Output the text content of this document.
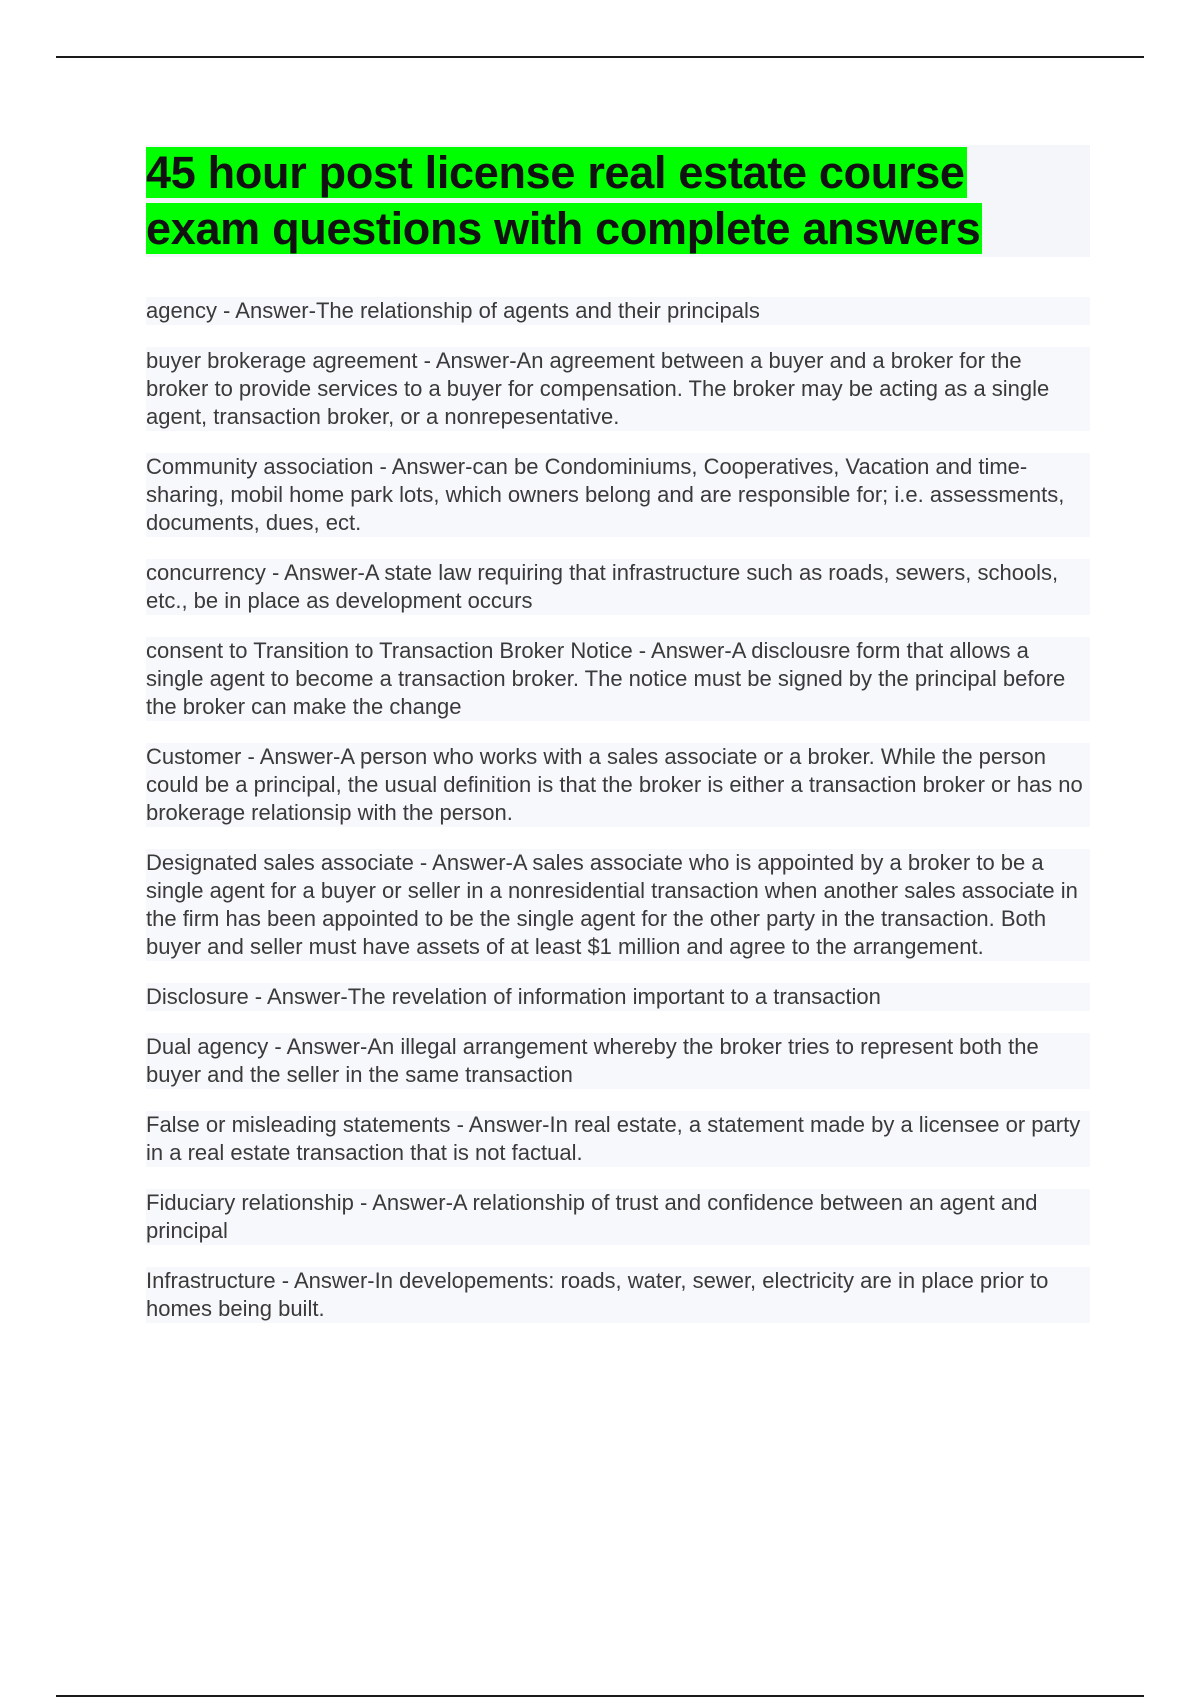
45 hour post license real estate course exam questions with complete answers

agency - Answer-The relationship of agents and their principals

buyer brokerage agreement - Answer-An agreement between a buyer and a broker for the broker to provide services to a buyer for compensation. The broker may be acting as a single agent, transaction broker, or a nonrepesentative.

Community association - Answer-can be Condominiums, Cooperatives, Vacation and time-sharing, mobil home park lots, which owners belong and are responsible for; i.e. assessments, documents, dues, ect.

concurrency - Answer-A state law requiring that infrastructure such as roads, sewers, schools, etc., be in place as development occurs

consent to Transition to Transaction Broker Notice - Answer-A disclousre form that allows a single agent to become a transaction broker. The notice must be signed by the principal before the broker can make the change

Customer - Answer-A person who works with a sales associate or a broker. While the person could be a principal, the usual definition is that the broker is either a transaction broker or has no brokerage relationsip with the person.

Designated sales associate - Answer-A sales associate who is appointed by a broker to be a single agent for a buyer or seller in a nonresidential transaction when another sales associate in the firm has been appointed to be the single agent for the other party in the transaction. Both buyer and seller must have assets of at least $1 million and agree to the arrangement.

Disclosure - Answer-The revelation of information important to a transaction

Dual agency - Answer-An illegal arrangement whereby the broker tries to represent both the buyer and the seller in the same transaction

False or misleading statements - Answer-In real estate, a statement made by a licensee or party in a real estate transaction that is not factual.

Fiduciary relationship - Answer-A relationship of trust and confidence between an agent and principal

Infrastructure - Answer-In developements: roads, water, sewer, electricity are in place prior to homes being built.
